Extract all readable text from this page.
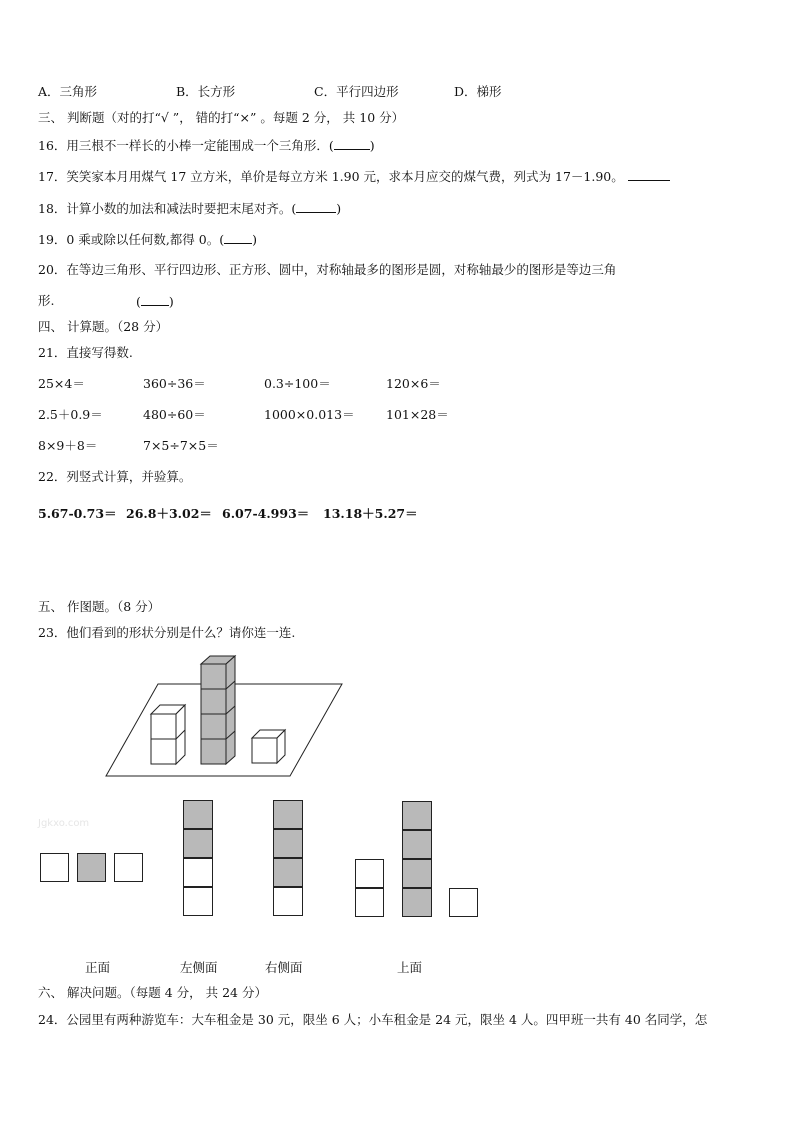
A．三角形	B．长方形	C．平行四边形	D．梯形
三、 判断题（对的打“√ ”， 错的打“×” 。每题 2 分， 共 10 分）
16．用三根不一样长的小棒一定能围成一个三角形．(	)
17．笑笑家本月用煤气 17 立方米，单价是每立方米 1.90 元，求本月应交的煤气费，列式为 17－1.90。
18．计算小数的加法和减法时要把末尾对齐。(	)
19．0 乘或除以任何数,都得 0。( )
20．在等边三角形、平行四边形、正方形、圆中，对称轴最多的图形是圆，对称轴最少的图形是等边三角
形.	( )
四、 计算题。（28 分）
21．直接写得数.
25×4＝	360÷36＝	0.3÷100＝	120×6＝
2.5＋0.9＝	480÷60＝	1000×0.013＝	101×28＝
8×9＋8＝	7×5÷7×5＝
22．列竖式计算，并验算。
5.67-0.73＝ 26.8＋3.02＝ 6.07-4.993＝ 13.18＋5.27＝
五、 作图题。（8 分）
23．他们看到的形状分别是什么？请你连一连.
Jgkxo.com
正面	左侧面	右侧面	上面
六、 解决问题。（每题 4 分， 共 24 分）
24．公园里有两种游览车：大车租金是 30 元，限坐 6 人；小车租金是 24 元，限坐 4 人。四甲班一共有 40 名同学，怎
